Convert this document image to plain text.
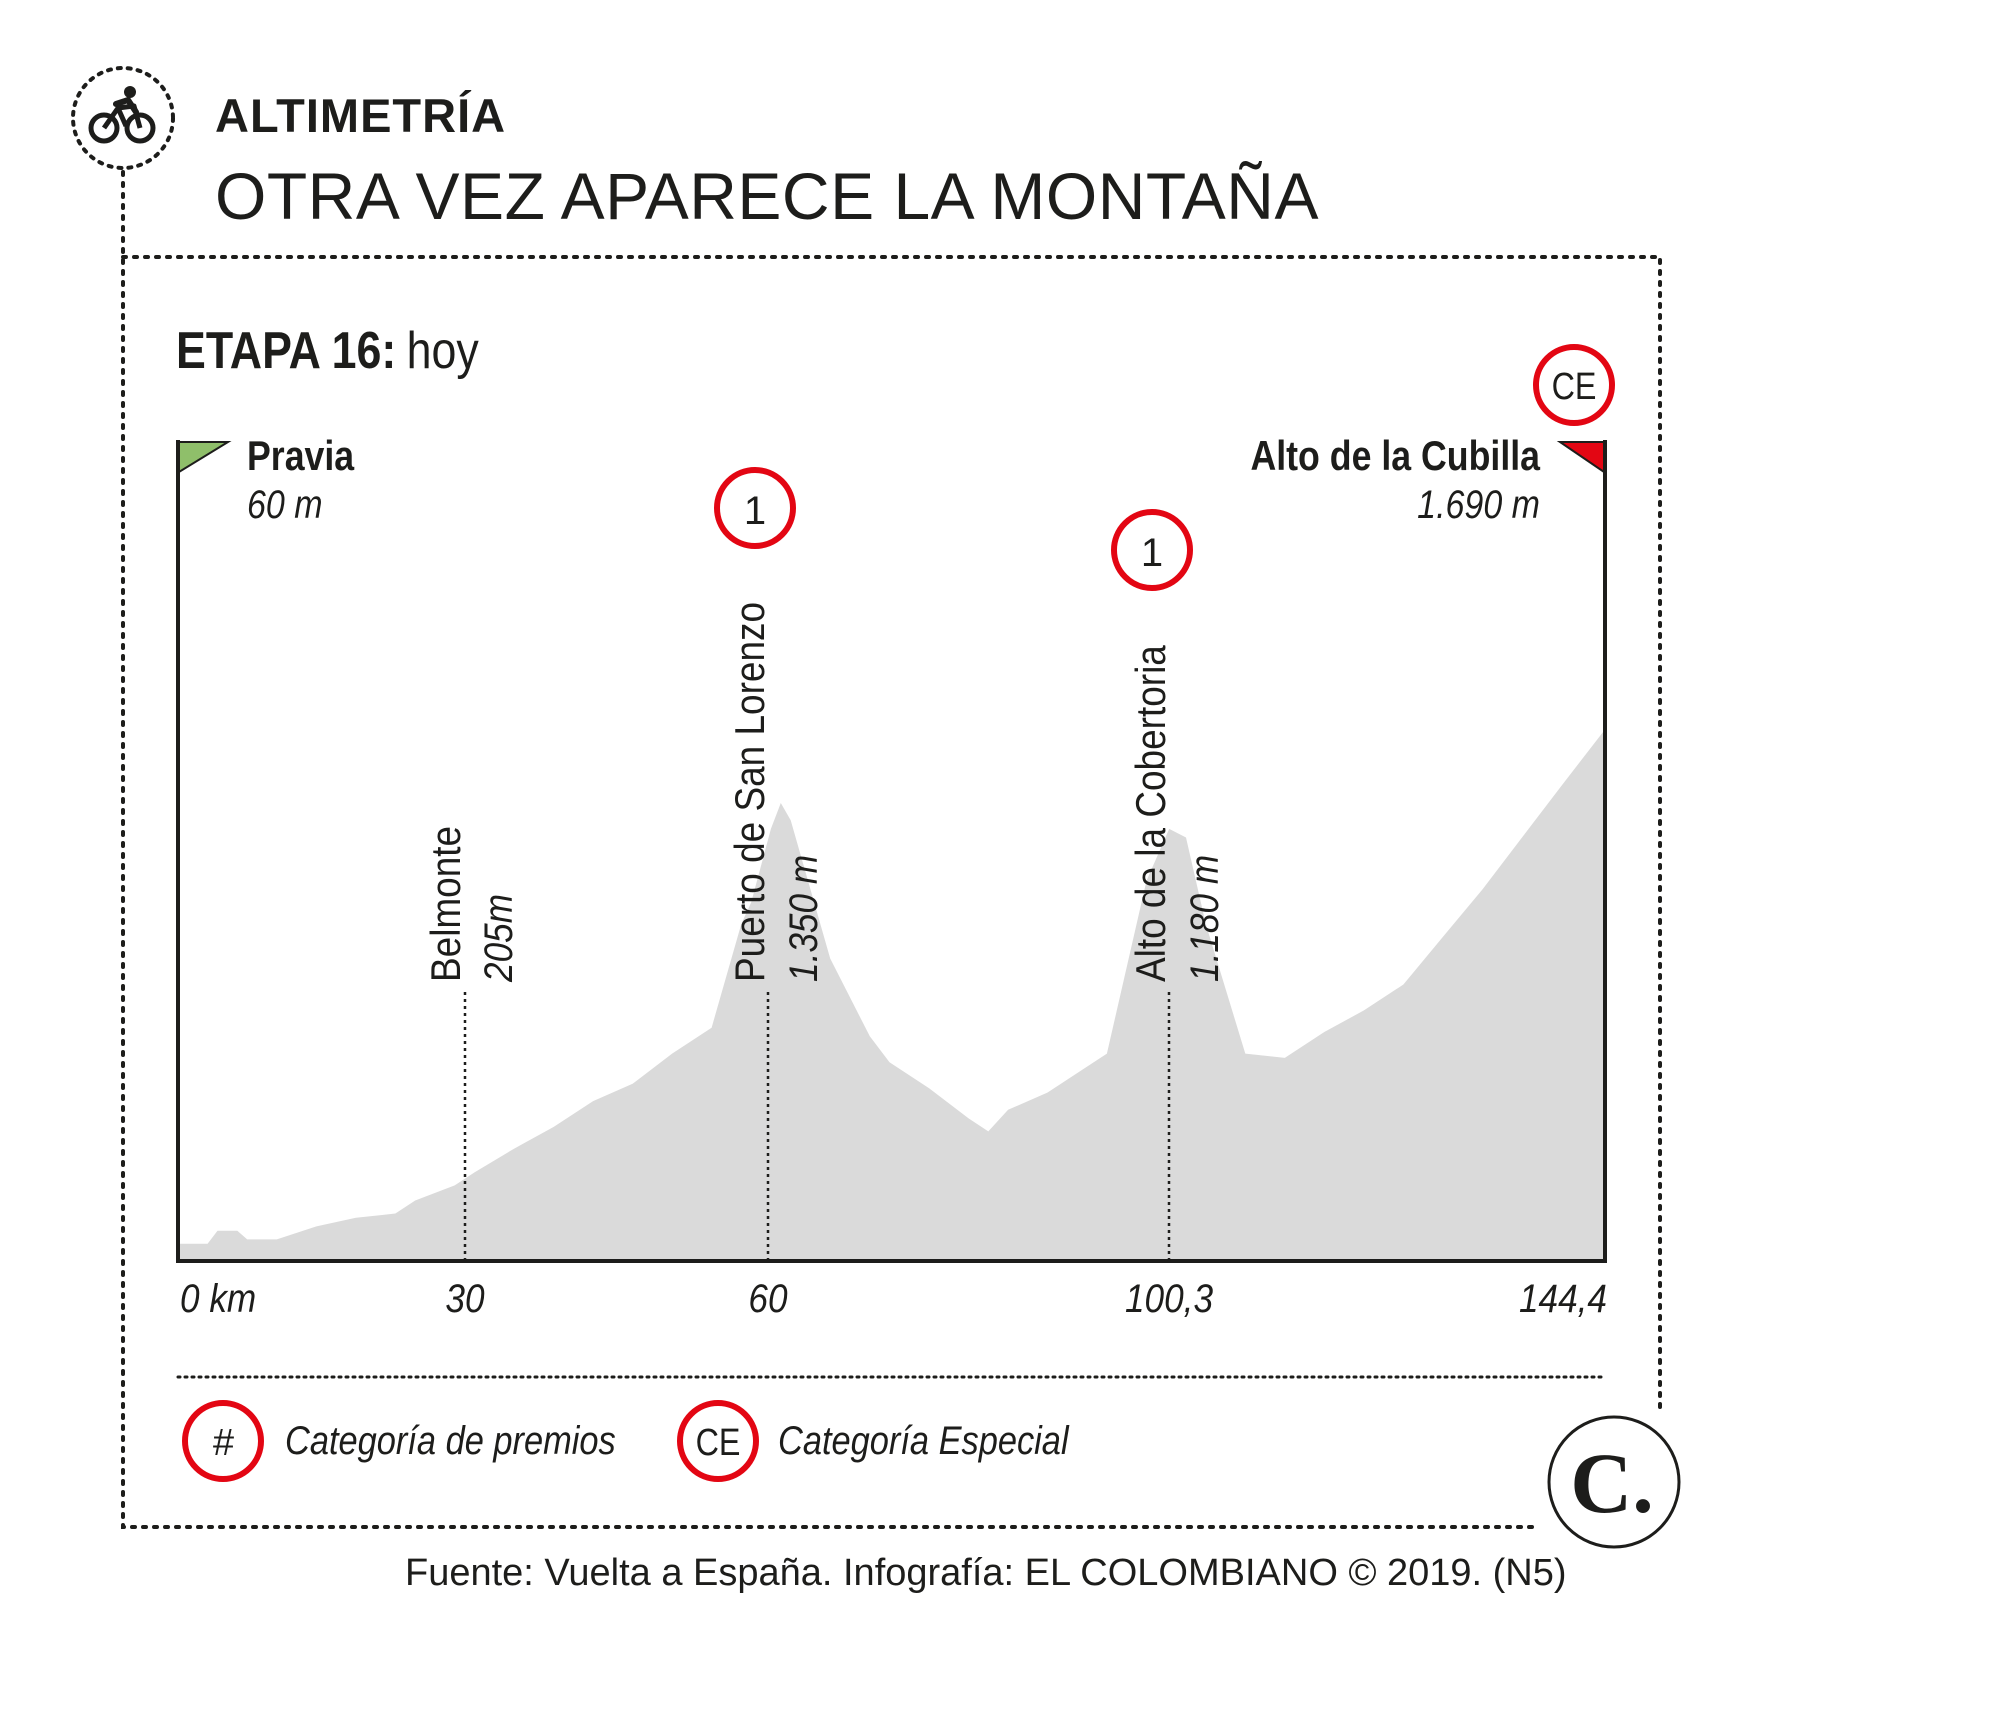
ALTIMETRÍA
OTRA VEZ APARECE LA MONTAÑA
Fuente: Vuelta a España. Infografía: EL COLOMBIANO © 2019. (N5)
ETAPA 16: hoy
Pravia
60 m
Alto de la Cubilla
1.690 m
CE
Belmonte 205m	Puerto de San Lorenzo 1.350 m	Alto de la Cobertoria 1.180 m
1
1
0 km	30	60	100,3	144,4
# Categoría de premios CE Categoría Especial	C.
